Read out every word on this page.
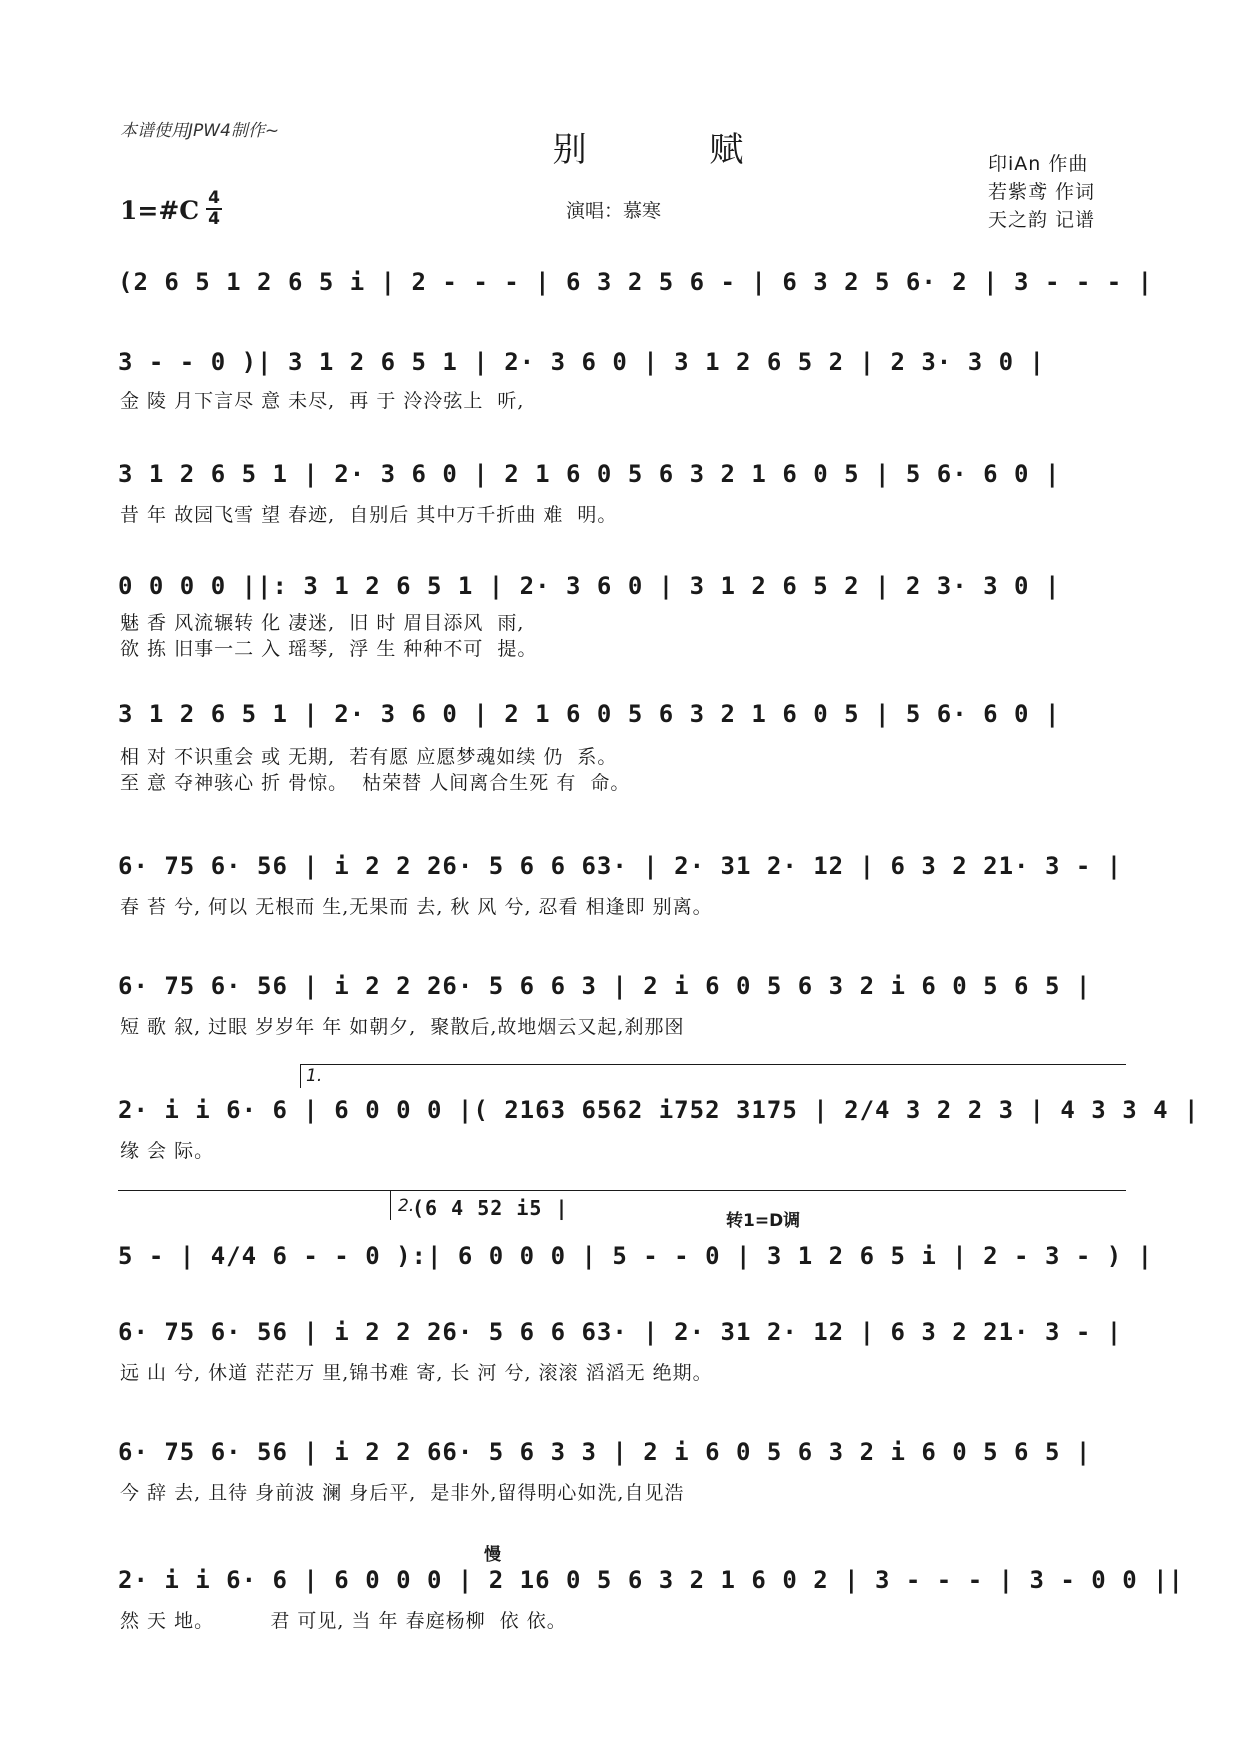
本谱使用JPW4制作~	别 赋
演唱：慕寒
印iAn 作曲
若紫鸢 作词
天之韵 记谱
1=#C 4
4
(2 6 5 1 2 6 5 i | 2 - - - | 6 3 2 5 6 - | 6 3 2 5 6· 2 | 3 - - - |
3 - - 0 )| 3 1 2 6 5 1 | 2· 3 6 0 | 3 1 2 6 5 2 | 2 3· 3 0 |
金 陵 月下言尽 意 未尽,  再 于 泠泠弦上  听,
3 1 2 6 5 1 | 2· 3 6 0 | 2 1 6 0 5 6 3 2 1 6 0 5 | 5 6· 6 0 |
昔 年 故园飞雪 望 春迹,  自别后 其中万千折曲 难  明。
0 0 0 0 ||: 3 1 2 6 5 1 | 2· 3 6 0 | 3 1 2 6 5 2 | 2 3· 3 0 |
魅 香 风流辗转 化 凄迷,  旧 时 眉目添风  雨,
欲 拣 旧事一二 入 瑶琴,  浮 生 种种不可  提。
3 1 2 6 5 1 | 2· 3 6 0 | 2 1 6 0 5 6 3 2 1 6 0 5 | 5 6· 6 0 |
相 对 不识重会 或 无期,  若有愿 应愿梦魂如续 仍  系。
至 意 夺神骇心 折 骨惊。  枯荣替 人间离合生死 有  命。
6· 75 6· 56 | i 2 2 26· 5 6 6 63· | 2· 31 2· 12 | 6 3 2 21· 3 - |
春 苔 兮, 何以 无根而 生,无果而 去, 秋 风 兮, 忍看 相逢即 别离。
6· 75 6· 56 | i 2 2 26· 5 6 6 3 | 2 i 6 0 5 6 3 2 i 6 0 5 6 5 |
短 歌 叙, 过眼 岁岁年 年 如朝夕,  聚散后,故地烟云又起,刹那囹
1.
2· i i 6· 6 | 6 0 0 0 |( 2163 6562 i752 3175 | 2/4 3 2 2 3 | 4 3 3 4 |
缘 会 际。
2.
(6 4 52 i5 |
转1=D调
5 - | 4/4 6 - - 0 ):| 6 0 0 0 | 5 - - 0 | 3 1 2 6 5 i | 2 - 3 - ) |
6· 75 6· 56 | i 2 2 26· 5 6 6 63· | 2· 31 2· 12 | 6 3 2 21· 3 - |
远 山 兮, 休道 茫茫万 里,锦书难 寄, 长 河 兮, 滚滚 滔滔无 绝期。
6· 75 6· 56 | i 2 2 66· 5 6 3 3 | 2 i 6 0 5 6 3 2 i 6 0 5 6 5 |
今 辞 去, 且待 身前波 澜 身后平,  是非外,留得明心如洗,自见浩
慢
2· i i 6· 6 | 6 0 0 0 | 2 16 0 5 6 3 2 1 6 0 2 | 3 - - - | 3 - 0 0 ||
然 天 地。        君 可见, 当 年 春庭杨柳  依 依。
